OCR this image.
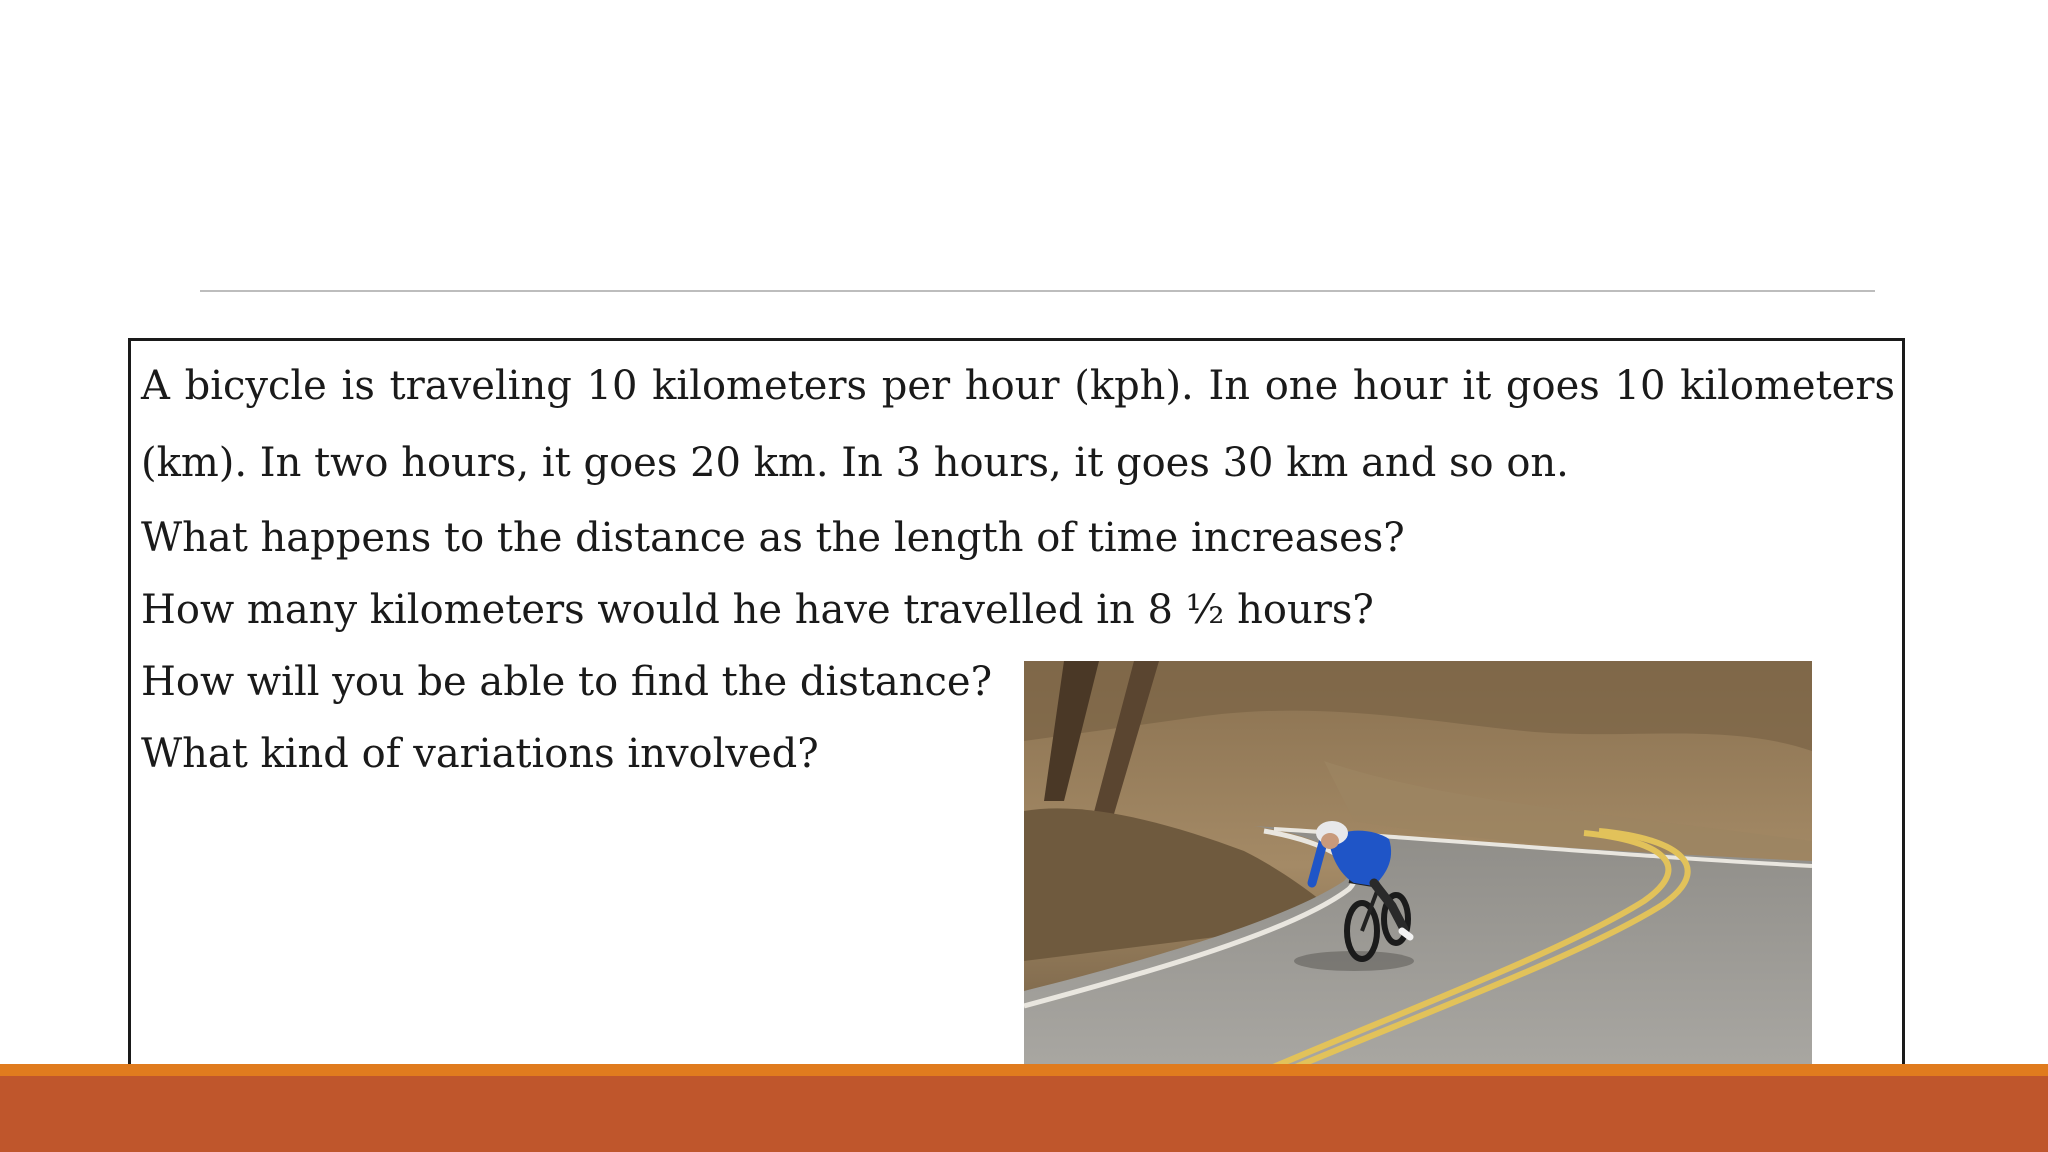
A bicycle is traveling 10 kilometers per hour (kph). In one hour it goes 10 kilometers (km). In two hours, it goes 20 km. In 3 hours, it goes 30 km and so on.

What happens to the distance as the length of time increases?

How many kilometers would he have travelled in 8 ½ hours?

How will you be able to find the distance?

What kind of variations involved?
